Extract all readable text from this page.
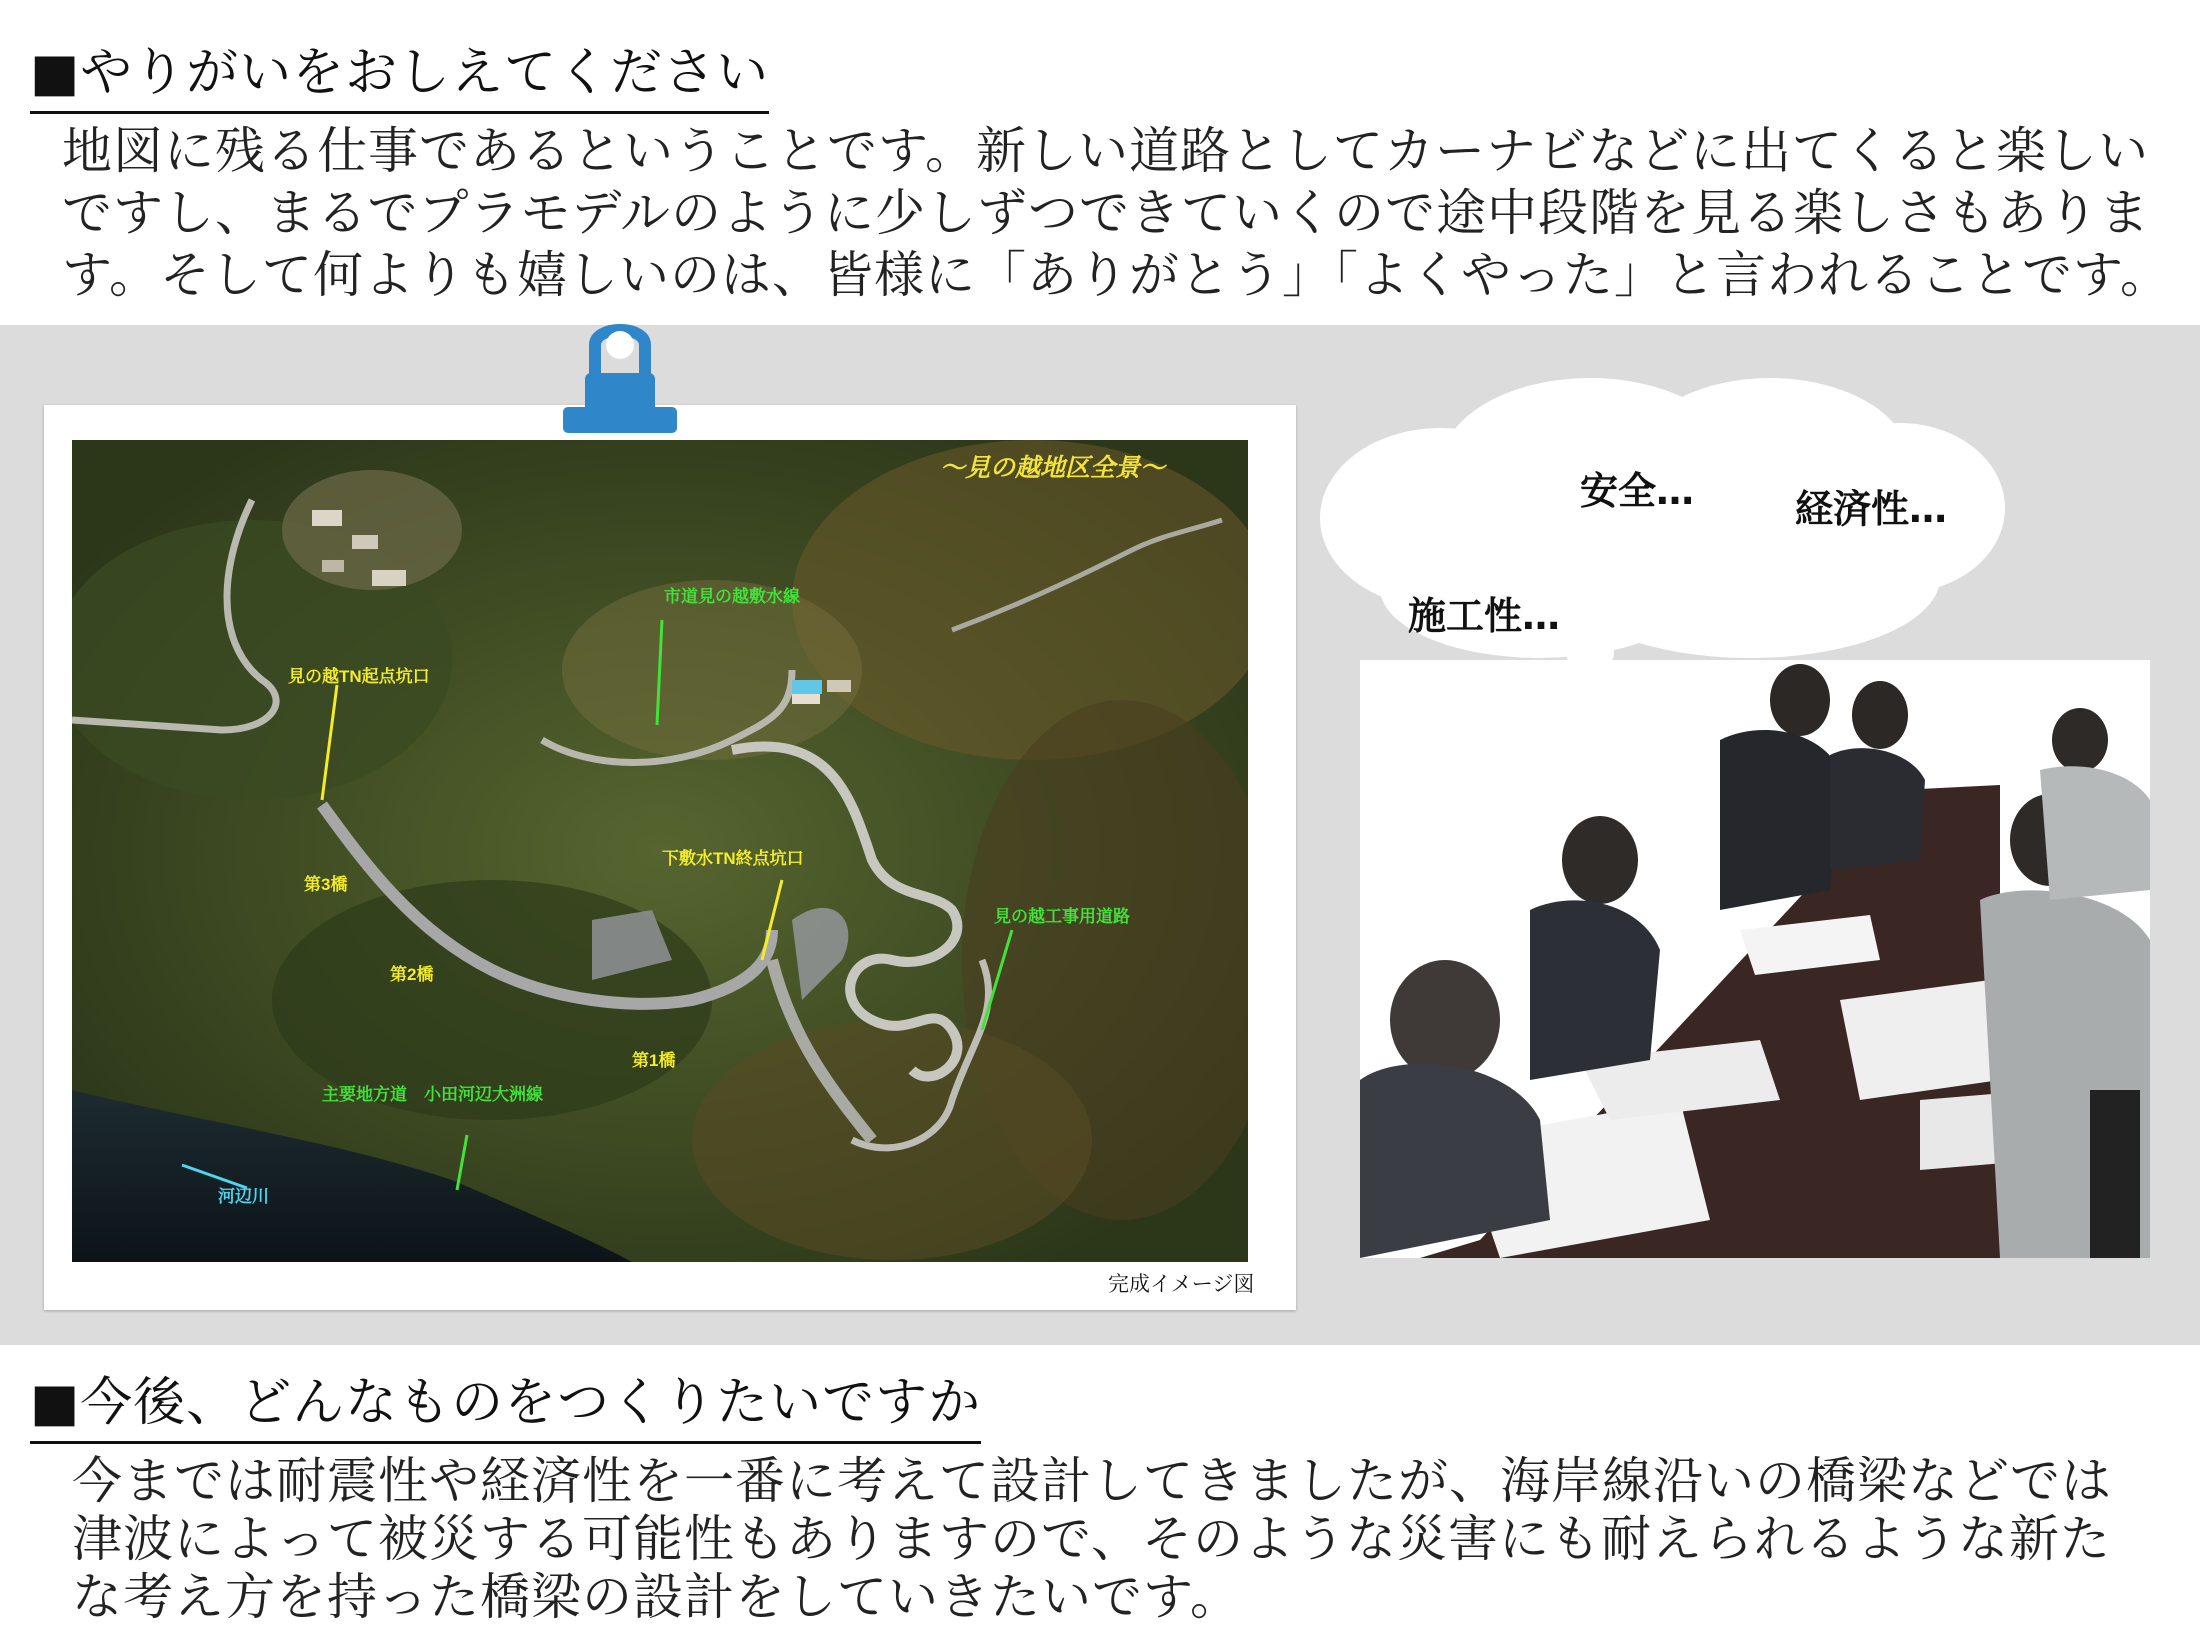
■やりがいをおしえてください
地図に残る仕事であるということです。新しい道路としてカーナビなどに出てくると楽しいですし、まるでプラモデルのように少しずつできていくので途中段階を見る楽しさもあります。そして何よりも嬉しいのは、皆様に「ありがとう」「よくやった」と言われることです。
～見の越地区全景～
見の越TN起点坑口
市道見の越敷水線
第3橋
第2橋
第1橋
下敷水TN終点坑口
見の越工事用道路
主要地方道　小田河辺大洲線
河辺川
完成イメージ図
安全…	経済性…
施工性…
■今後、どんなものをつくりたいですか
今までは耐震性や経済性を一番に考えて設計してきましたが、海岸線沿いの橋梁などでは津波によって被災する可能性もありますので、そのような災害にも耐えられるような新たな考え方を持った橋梁の設計をしていきたいです。
